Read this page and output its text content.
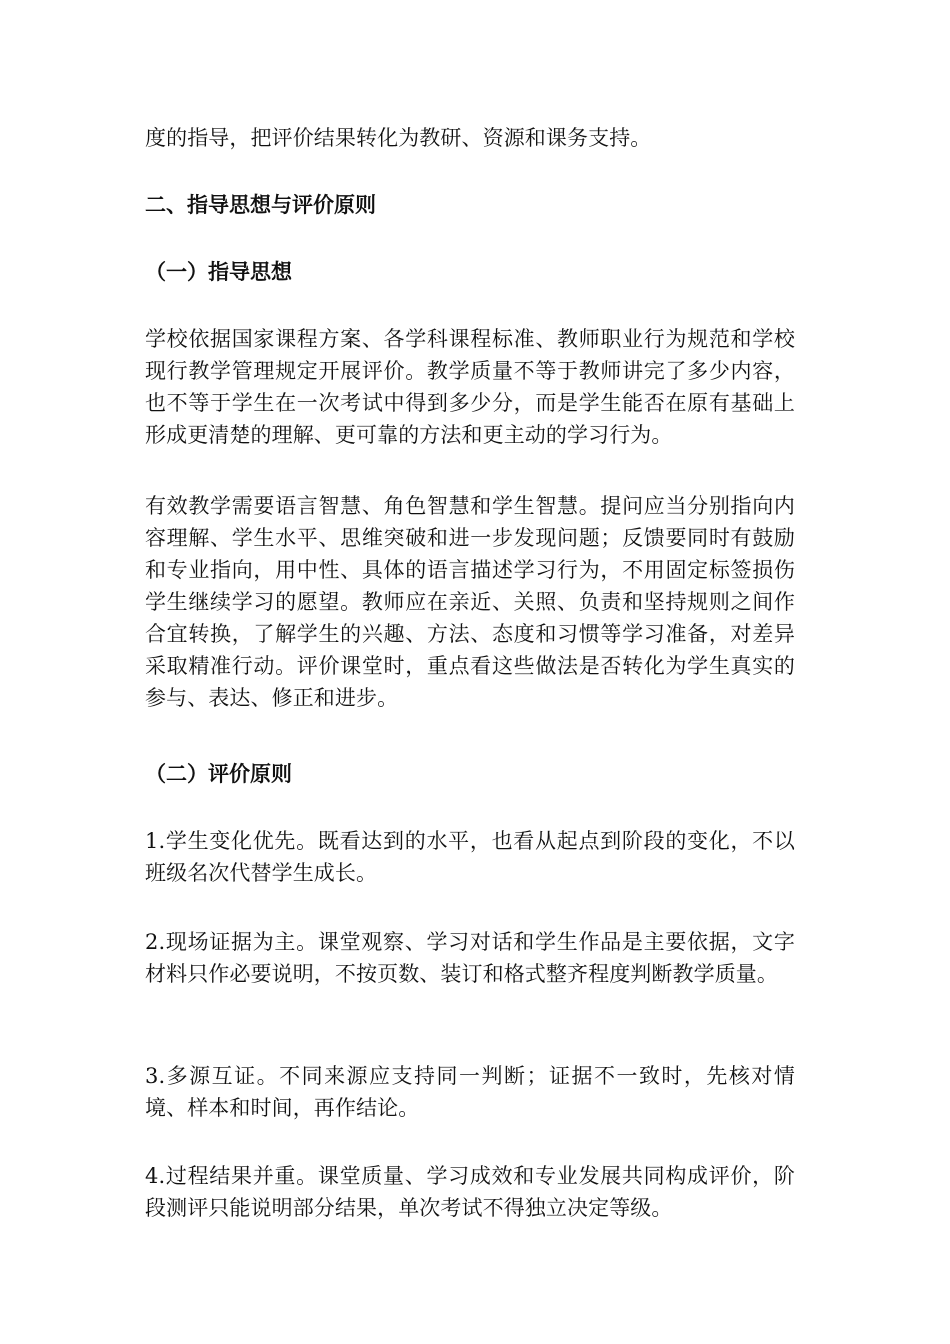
度的指导，把评价结果转化为教研、资源和课务支持。

二、指导思想与评价原则
（一）指导思想

学校依据国家课程方案、各学科课程标准、教师职业行为规范和学校现行教学管理规定开展评价。教学质量不等于教师讲完了多少内容，也不等于学生在一次考试中得到多少分，而是学生能否在原有基础上形成更清楚的理解、更可靠的方法和更主动的学习行为。

有效教学需要语言智慧、角色智慧和学生智慧。提问应当分别指向内容理解、学生水平、思维突破和进一步发现问题；反馈要同时有鼓励和专业指向，用中性、具体的语言描述学习行为，不用固定标签损伤学生继续学习的愿望。教师应在亲近、关照、负责和坚持规则之间作合宜转换，了解学生的兴趣、方法、态度和习惯等学习准备，对差异采取精准行动。评价课堂时，重点看这些做法是否转化为学生真实的参与、表达、修正和进步。

（二）评价原则

1.学生变化优先。既看达到的水平，也看从起点到阶段的变化，不以班级名次代替学生成长。

2.现场证据为主。课堂观察、学习对话和学生作品是主要依据，文字材料只作必要说明，不按页数、装订和格式整齐程度判断教学质量。

3.多源互证。不同来源应支持同一判断；证据不一致时，先核对情境、样本和时间，再作结论。

4.过程结果并重。课堂质量、学习成效和专业发展共同构成评价，阶段测评只能说明部分结果，单次考试不得独立决定等级。
